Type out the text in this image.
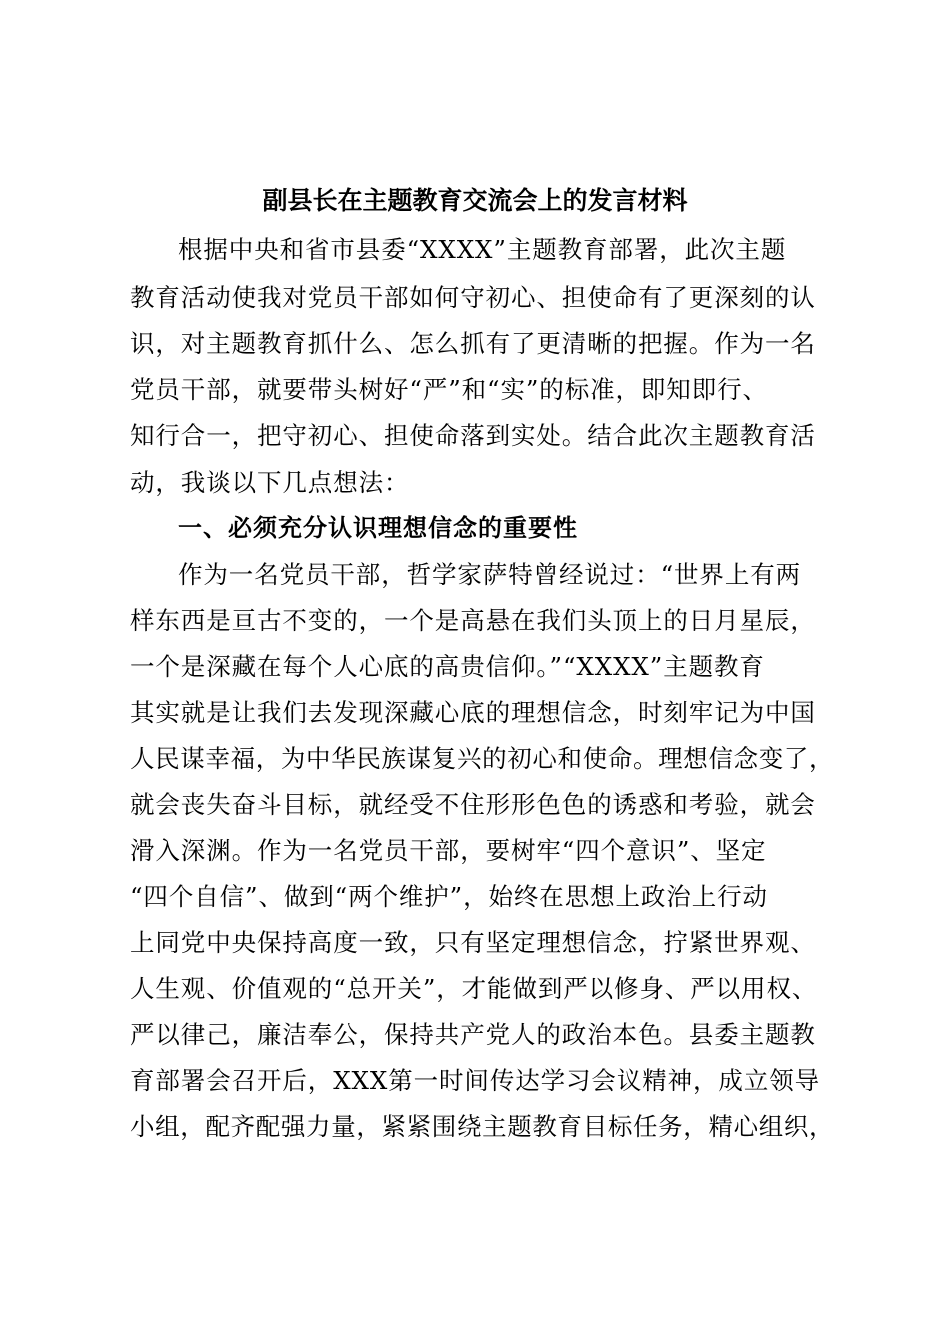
副县长在主题教育交流会上的发言材料
根据中央和省市县委“XXXX”主题教育部署，此次主题
教育活动使我对党员干部如何守初心、担使命有了更深刻的认
识，对主题教育抓什么、怎么抓有了更清晰的把握。作为一名
党员干部，就要带头树好“严”和“实”的标准，即知即行、
知行合一，把守初心、担使命落到实处。结合此次主题教育活
动，我谈以下几点想法：
一、必须充分认识理想信念的重要性
作为一名党员干部，哲学家萨特曾经说过：“世界上有两
样东西是亘古不变的，一个是高悬在我们头顶上的日月星辰，
一个是深藏在每个人心底的高贵信仰。”“XXXX”主题教育
其实就是让我们去发现深藏心底的理想信念，时刻牢记为中国
人民谋幸福，为中华民族谋复兴的初心和使命。理想信念变了，
就会丧失奋斗目标，就经受不住形形色色的诱惑和考验，就会
滑入深渊。作为一名党员干部，要树牢“四个意识”、坚定
“四个自信”、做到“两个维护”，始终在思想上政治上行动
上同党中央保持高度一致，只有坚定理想信念，拧紧世界观、
人生观、价值观的“总开关”，才能做到严以修身、严以用权、
严以律己，廉洁奉公，保持共产党人的政治本色。县委主题教
育部署会召开后，XXX第一时间传达学习会议精神，成立领导
小组，配齐配强力量，紧紧围绕主题教育目标任务，精心组织，
